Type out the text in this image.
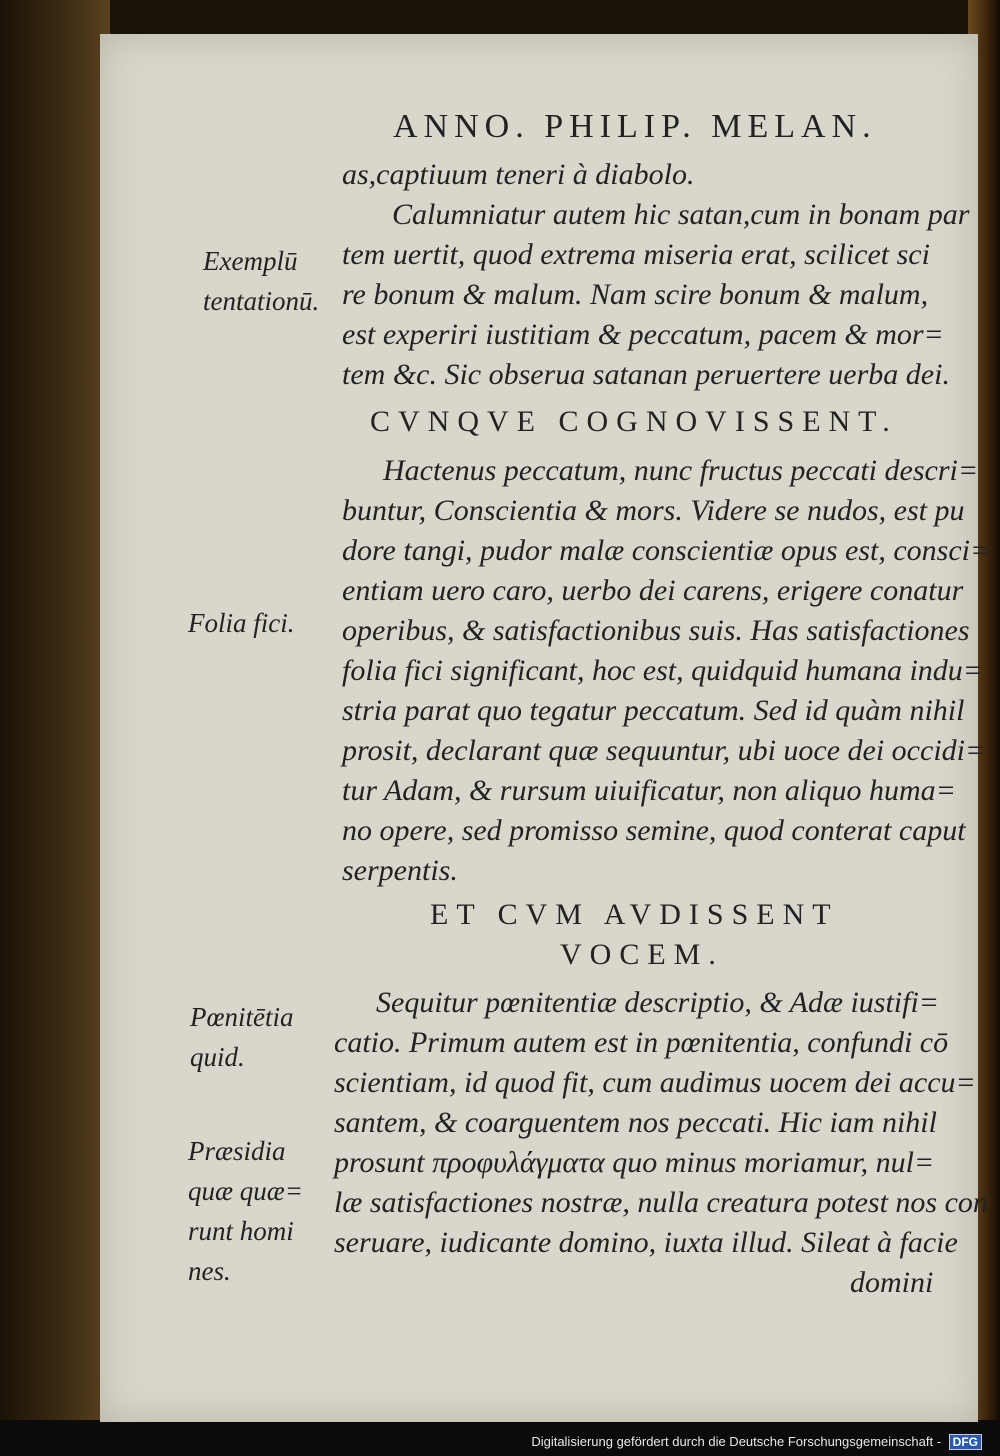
ANNO. PHILIP. MELAN.
as,captiuum teneri à diabolo.
Calumniatur autem hic satan,cum in bonam par
tem uertit, quod extrema miseria erat, scilicet sci
re bonum & malum. Nam scire bonum & malum,
est experiri iustitiam & peccatum, pacem & mor=
tem &c. Sic obserua satanan peruertere uerba dei.
CVNQVE COGNOVISSENT.
Hactenus peccatum, nunc fructus peccati descri=
buntur, Conscientia & mors. Videre se nudos, est pu
dore tangi, pudor malæ conscientiæ opus est, consci=
entiam uero caro, uerbo dei carens, erigere conatur
operibus, & satisfactionibus suis. Has satisfactiones
folia fici significant, hoc est, quidquid humana indu=
stria parat quo tegatur peccatum. Sed id quàm nihil
prosit, declarant quæ sequuntur, ubi uoce dei occidi=
tur Adam, & rursum uiuificatur, non aliquo huma=
no opere, sed promisso semine, quod conterat caput
serpentis.
ET CVM AVDISSENT
VOCEM.
Sequitur pœnitentiæ descriptio, & Adæ iustifi=
catio. Primum autem est in pœnitentia, confundi cō
scientiam, id quod fit, cum audimus uocem dei accu=
santem, & coarguentem nos peccati. Hic iam nihil
prosunt προφυλάγματα quo minus moriamur, nul=
læ satisfactiones nostræ, nulla creatura potest nos con
seruare, iudicante domino, iuxta illud. Sileat à facie
domini
Exemplū
tentationū.
Folia fici.
Pœnitētia
quid.
Præsidia
quæ quæ=
runt homi
nes.
Digitalisierung gefördert durch die Deutsche Forschungsgemeinschaft - DFG
